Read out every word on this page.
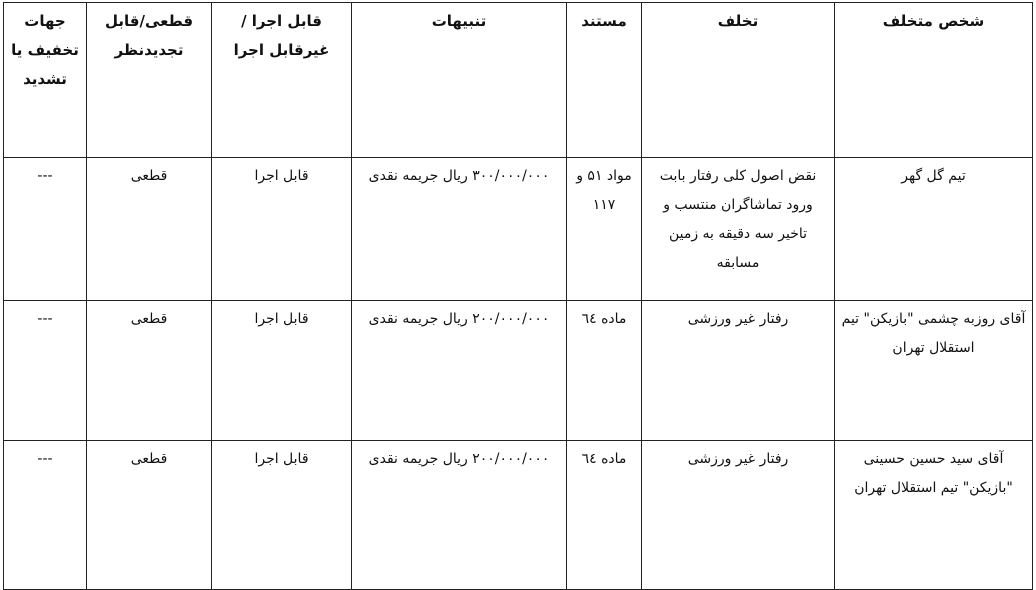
شخص متخلف	تخلف	مستند	تنبیهات	قابل اجرا /غیرقابل اجرا	قطعی/قابل تجدیدنظر	جهات تخفیف یا تشدید
تیم گل گهر	نقض اصول کلی رفتار بابت ورود تماشاگران منتسب و تاخیر سه دقیقه به زمین مسابقه	مواد ۵۱ و ۱۱۷	۳۰۰/۰۰۰/۰۰۰ ریال جریمه نقدی	قابل اجرا	قطعی	---
آقای روزبه چشمی "بازیکن" تیم استقلال تهران	رفتار غیر ورزشی	ماده ٦٤	۲۰۰/۰۰۰/۰۰۰ ریال جریمه نقدی	قابل اجرا	قطعی	---
آقای سید حسین حسینی "بازیکن" تیم استقلال تهران	رفتار غیر ورزشی	ماده ٦٤	۲۰۰/۰۰۰/۰۰۰ ریال جریمه نقدی	قابل اجرا	قطعی	---
